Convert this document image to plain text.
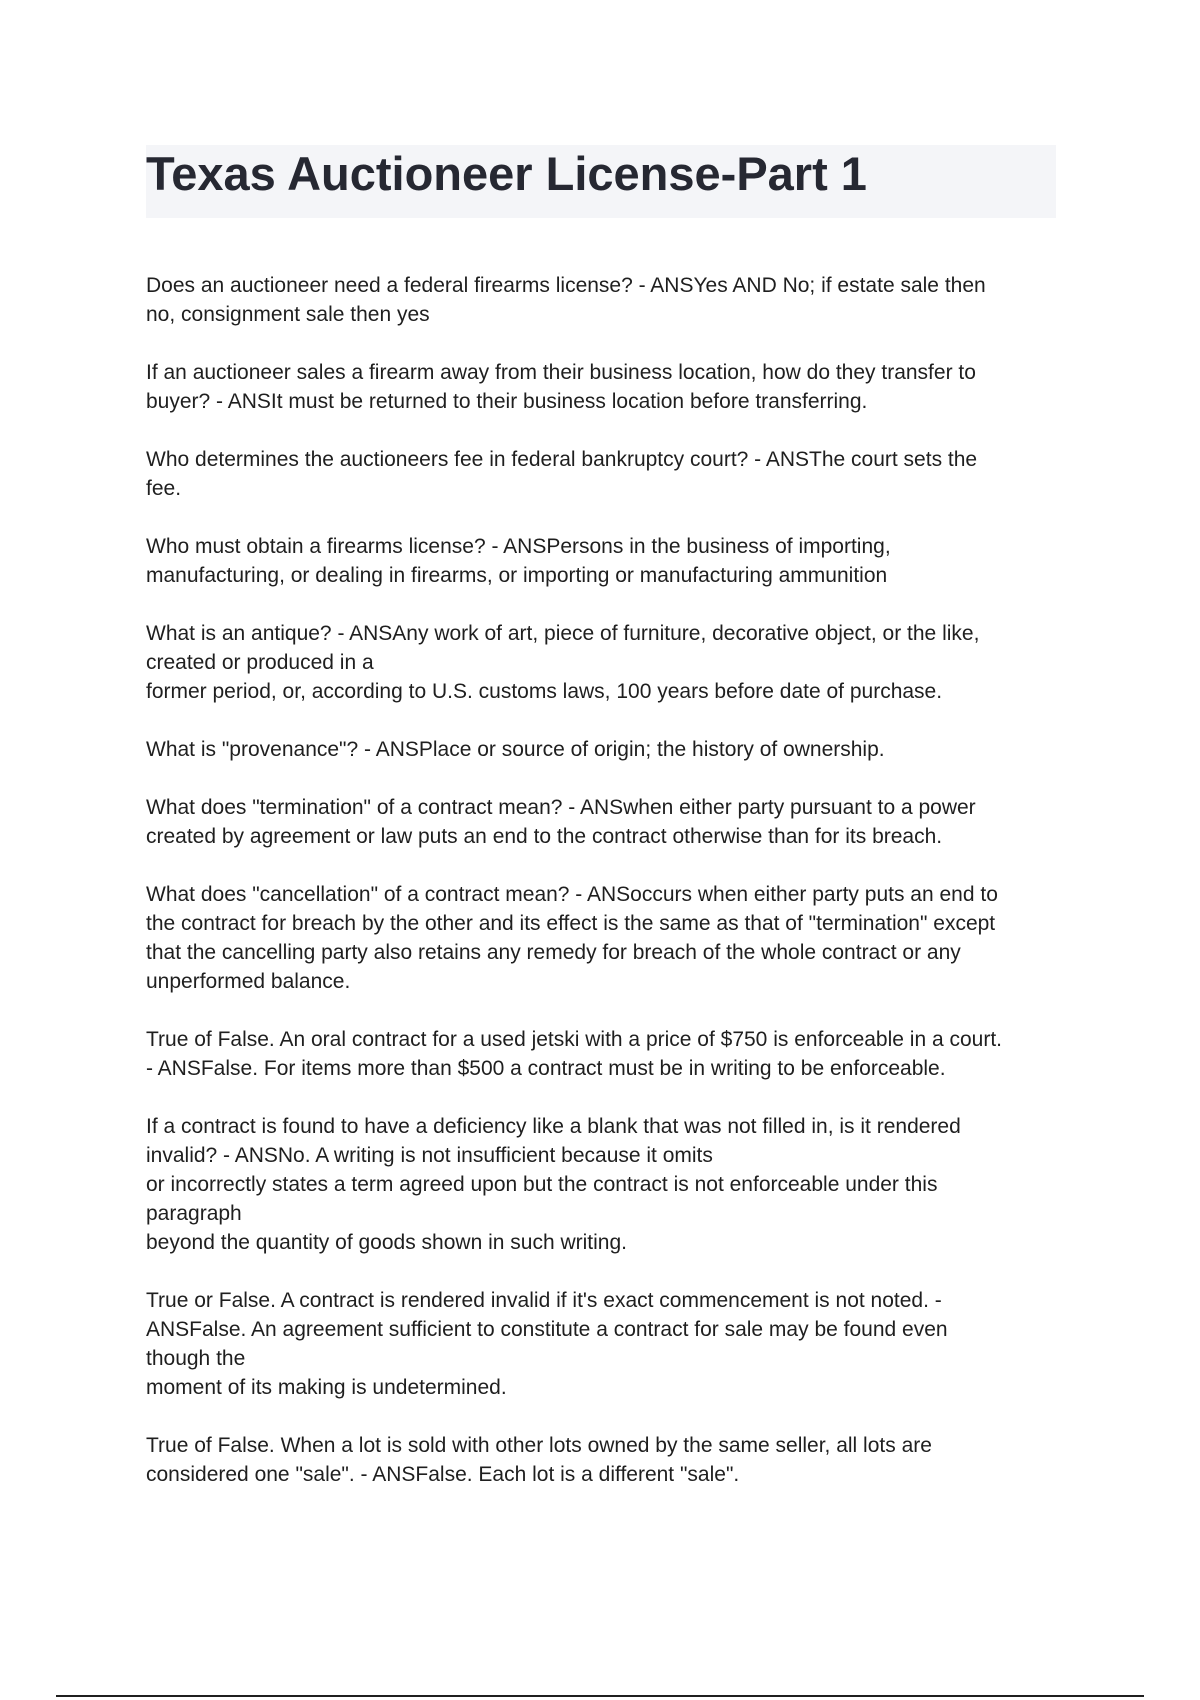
Texas Auctioneer License-Part 1

Does an auctioneer need a federal firearms license? - ANSYes AND No; if estate sale then
no, consignment sale then yes

If an auctioneer sales a firearm away from their business location, how do they transfer to
buyer? - ANSIt must be returned to their business location before transferring.

Who determines the auctioneers fee in federal bankruptcy court? - ANSThe court sets the
fee.

Who must obtain a firearms license? - ANSPersons in the business of importing,
manufacturing, or dealing in firearms, or importing or manufacturing ammunition

What is an antique? - ANSAny work of art, piece of furniture, decorative object, or the like,
created or produced in a
former period, or, according to U.S. customs laws, 100 years before date of purchase.

What is "provenance"? - ANSPlace or source of origin; the history of ownership.

What does "termination" of a contract mean? - ANSwhen either party pursuant to a power
created by agreement or law puts an end to the contract otherwise than for its breach.

What does "cancellation" of a contract mean? - ANSoccurs when either party puts an end to
the contract for breach by the other and its effect is the same as that of "termination" except
that the cancelling party also retains any remedy for breach of the whole contract or any
unperformed balance.

True of False. An oral contract for a used jetski with a price of $750 is enforceable in a court.
- ANSFalse. For items more than $500 a contract must be in writing to be enforceable.

If a contract is found to have a deficiency like a blank that was not filled in, is it rendered
invalid? - ANSNo. A writing is not insufficient because it omits
or incorrectly states a term agreed upon but the contract is not enforceable under this
paragraph
beyond the quantity of goods shown in such writing.

True or False. A contract is rendered invalid if it's exact commencement is not noted. -
ANSFalse. An agreement sufficient to constitute a contract for sale may be found even
though the
moment of its making is undetermined.

True of False. When a lot is sold with other lots owned by the same seller, all lots are
considered one "sale". - ANSFalse. Each lot is a different "sale".
